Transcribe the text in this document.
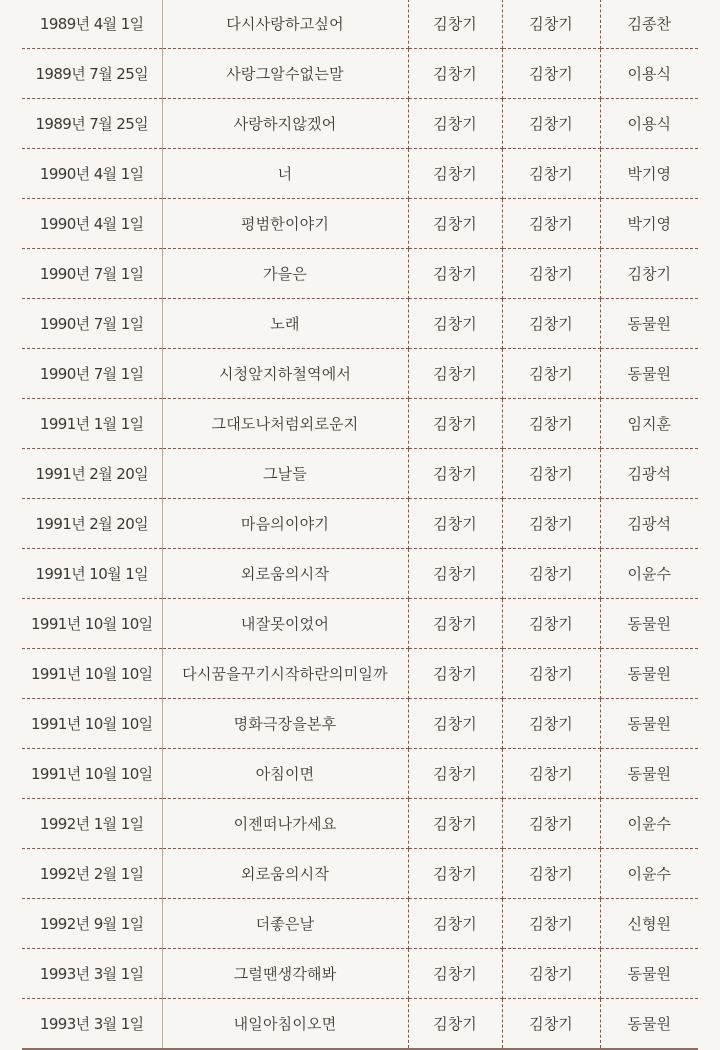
1989년 4월 1일	다시사랑하고싶어	김창기	김창기	김종찬
1989년 7월 25일	사랑그알수없는말	김창기	김창기	이용식
1989년 7월 25일	사랑하지않겠어	김창기	김창기	이용식
1990년 4월 1일	너	김창기	김창기	박기영
1990년 4월 1일	평범한이야기	김창기	김창기	박기영
1990년 7월 1일	가을은	김창기	김창기	김창기
1990년 7월 1일	노래	김창기	김창기	동물원
1990년 7월 1일	시청앞지하철역에서	김창기	김창기	동물원
1991년 1월 1일	그대도나처럼외로운지	김창기	김창기	임지훈
1991년 2월 20일	그날들	김창기	김창기	김광석
1991년 2월 20일	마음의이야기	김창기	김창기	김광석
1991년 10월 1일	외로움의시작	김창기	김창기	이윤수
1991년 10월 10일	내잘못이었어	김창기	김창기	동물원
1991년 10월 10일	다시꿈을꾸기시작하란의미일까	김창기	김창기	동물원
1991년 10월 10일	명화극장을본후	김창기	김창기	동물원
1991년 10월 10일	아침이면	김창기	김창기	동물원
1992년 1월 1일	이젠떠나가세요	김창기	김창기	이윤수
1992년 2월 1일	외로움의시작	김창기	김창기	이윤수
1992년 9월 1일	더좋은날	김창기	김창기	신형원
1993년 3월 1일	그럴땐생각해봐	김창기	김창기	동물원
1993년 3월 1일	내일아침이오면	김창기	김창기	동물원
